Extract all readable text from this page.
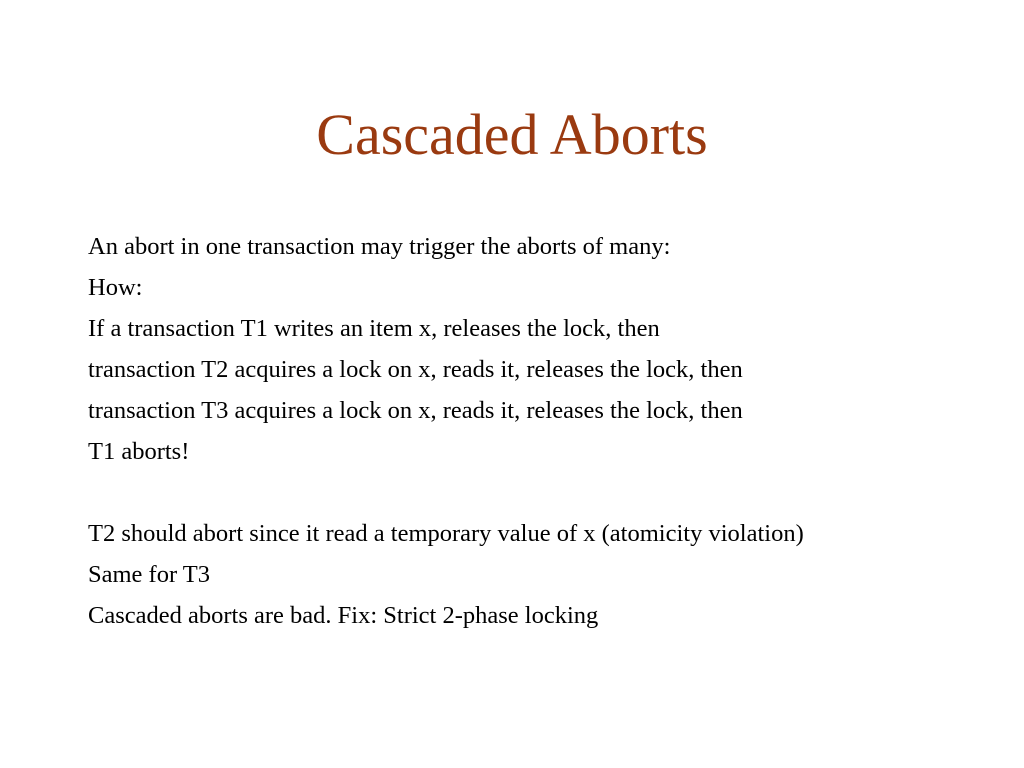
Cascaded Aborts
An abort in one transaction may trigger the aborts of many:
How:
If a transaction T1 writes an item x, releases the lock, then
transaction T2 acquires a lock on x, reads it, releases the lock, then
transaction T3 acquires a lock on x, reads it, releases the lock, then
T1 aborts!
T2 should abort since it read a temporary value of x (atomicity violation)
Same for T3
Cascaded aborts are bad. Fix: Strict 2-phase locking
